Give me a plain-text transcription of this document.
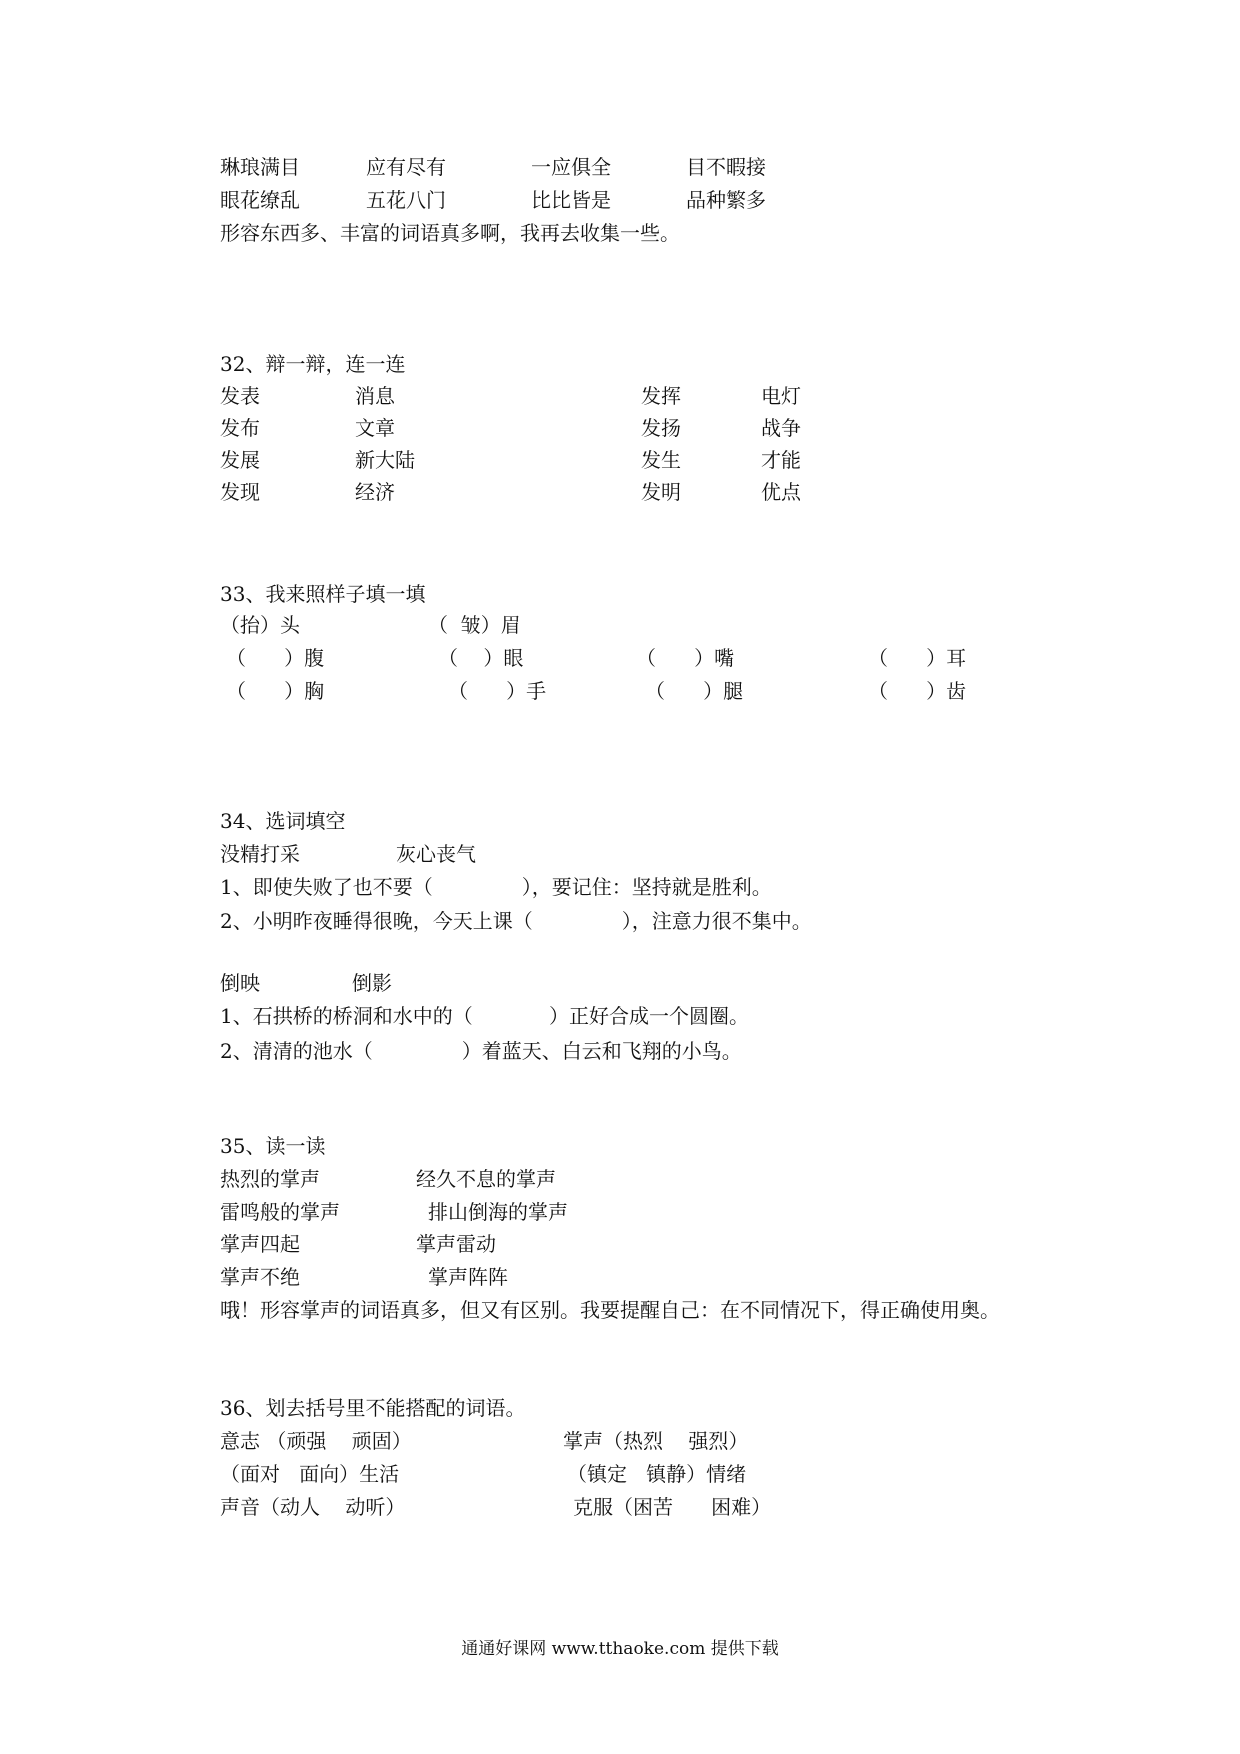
琳琅满目	应有尽有	一应俱全	目不暇接
眼花缭乱	五花八门	比比皆是	品种繁多
形容东西多、丰富的词语真多啊，我再去收集一些。
32、辩一辩，连一连
发表	消息	发挥	电灯
发布	文章	发扬	战争
发展	新大陆	发生	才能
发现	经济	发明	优点
33、我来照样子填一填
（抬）头	（  皱）眉
（      ）腹	（    ）眼	（      ）嘴	（      ）耳
（      ）胸	（      ）手	（      ）腿	（      ）齿
34、选词填空
没精打采	灰心丧气
1、即使失败了也不要（              ），要记住：坚持就是胜利。
2、小明昨夜睡得很晚，今天上课（              ），注意力很不集中。
倒映	倒影
1、石拱桥的桥洞和水中的（            ）正好合成一个圆圈。
2、清清的池水（              ）着蓝天、白云和飞翔的小鸟。
35、读一读
热烈的掌声	经久不息的掌声
雷鸣般的掌声	排山倒海的掌声
掌声四起	掌声雷动
掌声不绝	掌声阵阵
哦！形容掌声的词语真多，但又有区别。我要提醒自己：在不同情况下，得正确使用奥。
36、划去括号里不能搭配的词语。
意志 （顽强    顽固）	掌声（热烈    强烈）
（面对   面向）生活	（镇定   镇静）情绪
声音（动人    动听）	克服（困苦      困难）
通通好课网 www.tthaoke.com 提供下载
